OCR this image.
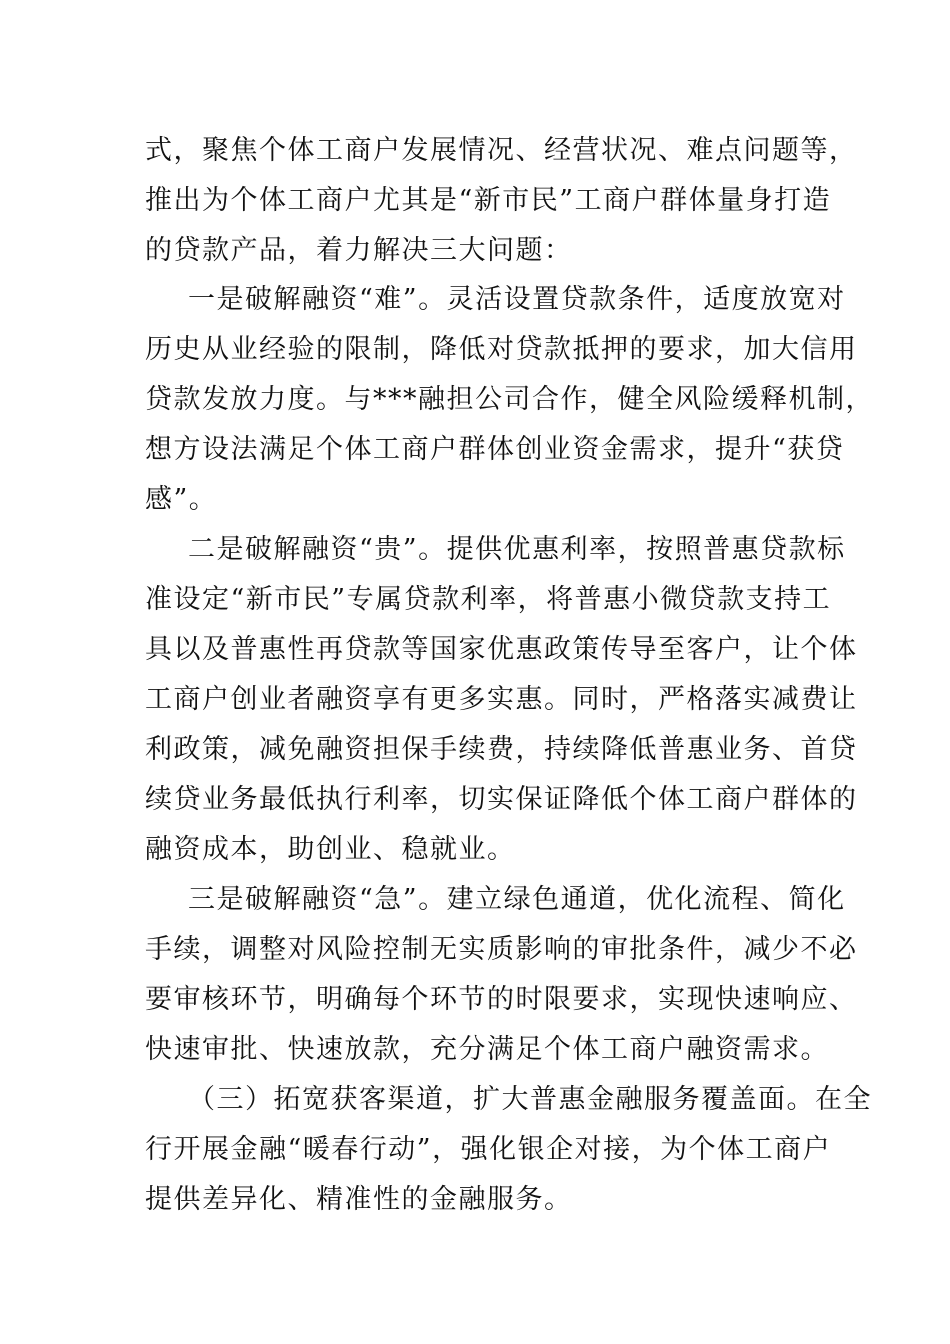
式，聚焦个体工商户发展情况、经营状况、难点问题等，
推出为个体工商户尤其是“新市民”工商户群体量身打造
的贷款产品，着力解决三大问题：
一是破解融资“难”。灵活设置贷款条件，适度放宽对
历史从业经验的限制，降低对贷款抵押的要求，加大信用
贷款发放力度。与***融担公司合作，健全风险缓释机制，
想方设法满足个体工商户群体创业资金需求，提升“获贷
感”。
二是破解融资“贵”。提供优惠利率，按照普惠贷款标
准设定“新市民”专属贷款利率，将普惠小微贷款支持工
具以及普惠性再贷款等国家优惠政策传导至客户，让个体
工商户创业者融资享有更多实惠。同时，严格落实减费让
利政策，减免融资担保手续费，持续降低普惠业务、首贷
续贷业务最低执行利率，切实保证降低个体工商户群体的
融资成本，助创业、稳就业。
三是破解融资“急”。建立绿色通道，优化流程、简化
手续，调整对风险控制无实质影响的审批条件，减少不必
要审核环节，明确每个环节的时限要求，实现快速响应、
快速审批、快速放款，充分满足个体工商户融资需求。
（三）拓宽获客渠道，扩大普惠金融服务覆盖面。在全
行开展金融“暖春行动”，强化银企对接，为个体工商户
提供差异化、精准性的金融服务。
